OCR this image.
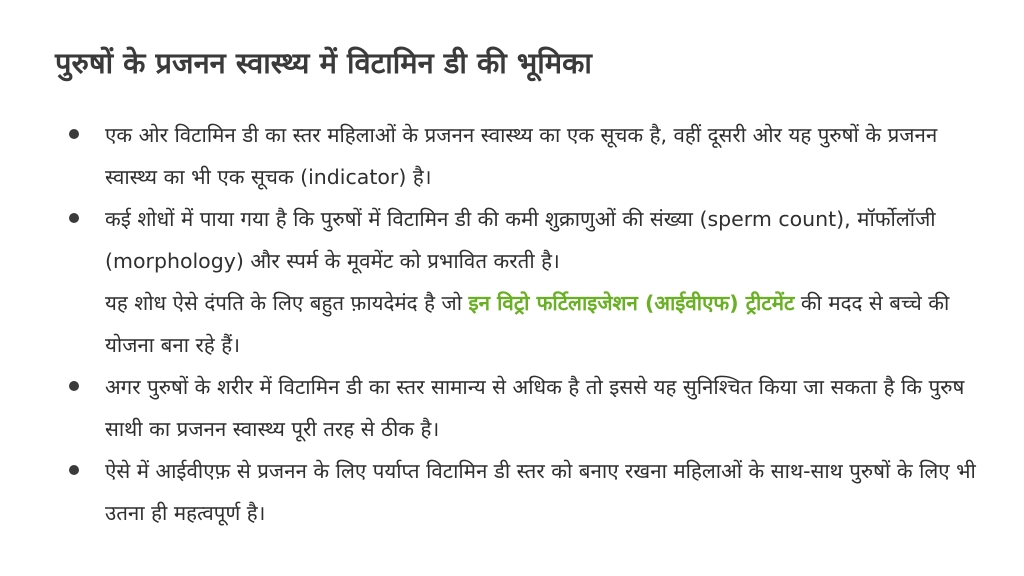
पुरुषों के प्रजनन स्वास्थ्य में विटामिन डी की भूमिका
एक ओर विटामिन डी का स्तर महिलाओं के प्रजनन स्वास्थ्य का एक सूचक है, वहीं दूसरी ओर यह पुरुषों के प्रजनन स्वास्थ्य का भी एक सूचक (indicator) है।
कई शोधों में पाया गया है कि पुरुषों में विटामिन डी की कमी शुक्राणुओं की संख्या (sperm count), मॉर्फोलॉजी (morphology) और स्पर्म के मूवमेंट को प्रभावित करती है।
यह शोध ऐसे दंपति के लिए बहुत फ़ायदेमंद है जो इन विट्रो फर्टिलाइजेशन (आईवीएफ) ट्रीटमेंट की मदद से बच्चे की योजना बना रहे हैं।
अगर पुरुषों के शरीर में विटामिन डी का स्तर सामान्य से अधिक है तो इससे यह सुनिश्चित किया जा सकता है कि पुरुष साथी का प्रजनन स्वास्थ्य पूरी तरह से ठीक है।
ऐसे में आईवीएफ़ से प्रजनन के लिए पर्याप्त विटामिन डी स्तर को बनाए रखना महिलाओं के साथ-साथ पुरुषों के लिए भी उतना ही महत्वपूर्ण है।
